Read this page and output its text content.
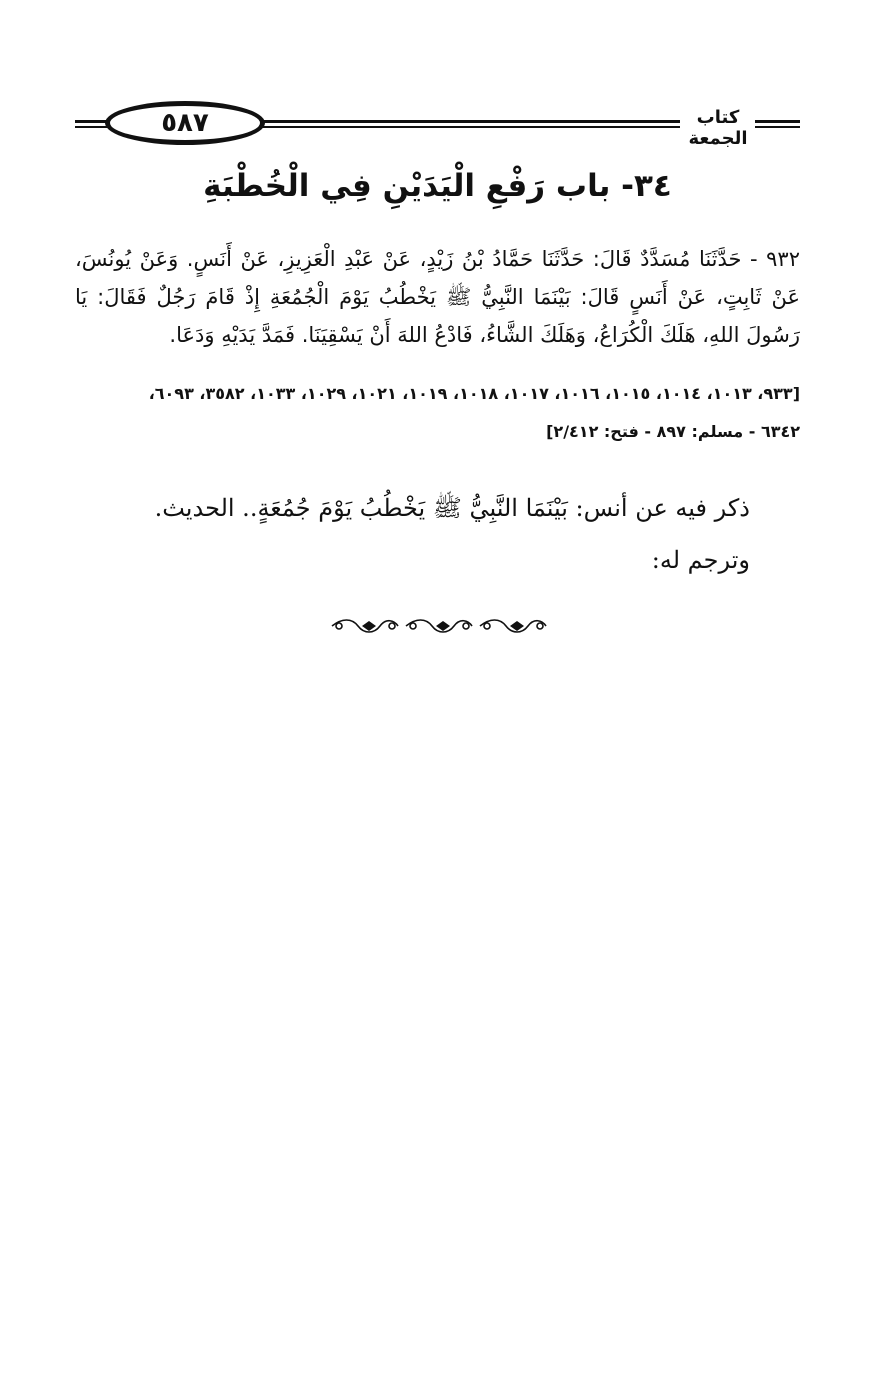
٥٨٧	كتاب الجمعة
٣٤- باب رَفْعِ الْيَدَيْنِ فِي الْخُطْبَةِ
٩٣٢ - حَدَّثَنَا مُسَدَّدٌ قَالَ: حَدَّثَنَا حَمَّادُ بْنُ زَيْدٍ، عَنْ عَبْدِ الْعَزِيزِ، عَنْ أَنَسٍ. وَعَنْ يُونُسَ، عَنْ ثَابِتٍ، عَنْ أَنَسٍ قَالَ: بَيْنَمَا النَّبِيُّ ﷺ يَخْطُبُ يَوْمَ الْجُمُعَةِ إِذْ قَامَ رَجُلٌ فَقَالَ: يَا رَسُولَ اللهِ، هَلَكَ الْكُرَاعُ، وَهَلَكَ الشَّاءُ، فَادْعُ اللهَ أَنْ يَسْقِيَنَا. فَمَدَّ يَدَيْهِ وَدَعَا.
[٩٣٣، ١٠١٣، ١٠١٤، ١٠١٥، ١٠١٦، ١٠١٧، ١٠١٨، ١٠١٩، ١٠٢١، ١٠٢٩، ١٠٣٣، ٣٥٨٢، ٦٠٩٣،
٦٣٤٢ - مسلم: ٨٩٧ - فتح: ٢/٤١٢]
ذكر فيه عن أنس: بَيْنَمَا النَّبِيُّ ﷺ يَخْطُبُ يَوْمَ جُمُعَةٍ.. الحديث.
وترجم له:
